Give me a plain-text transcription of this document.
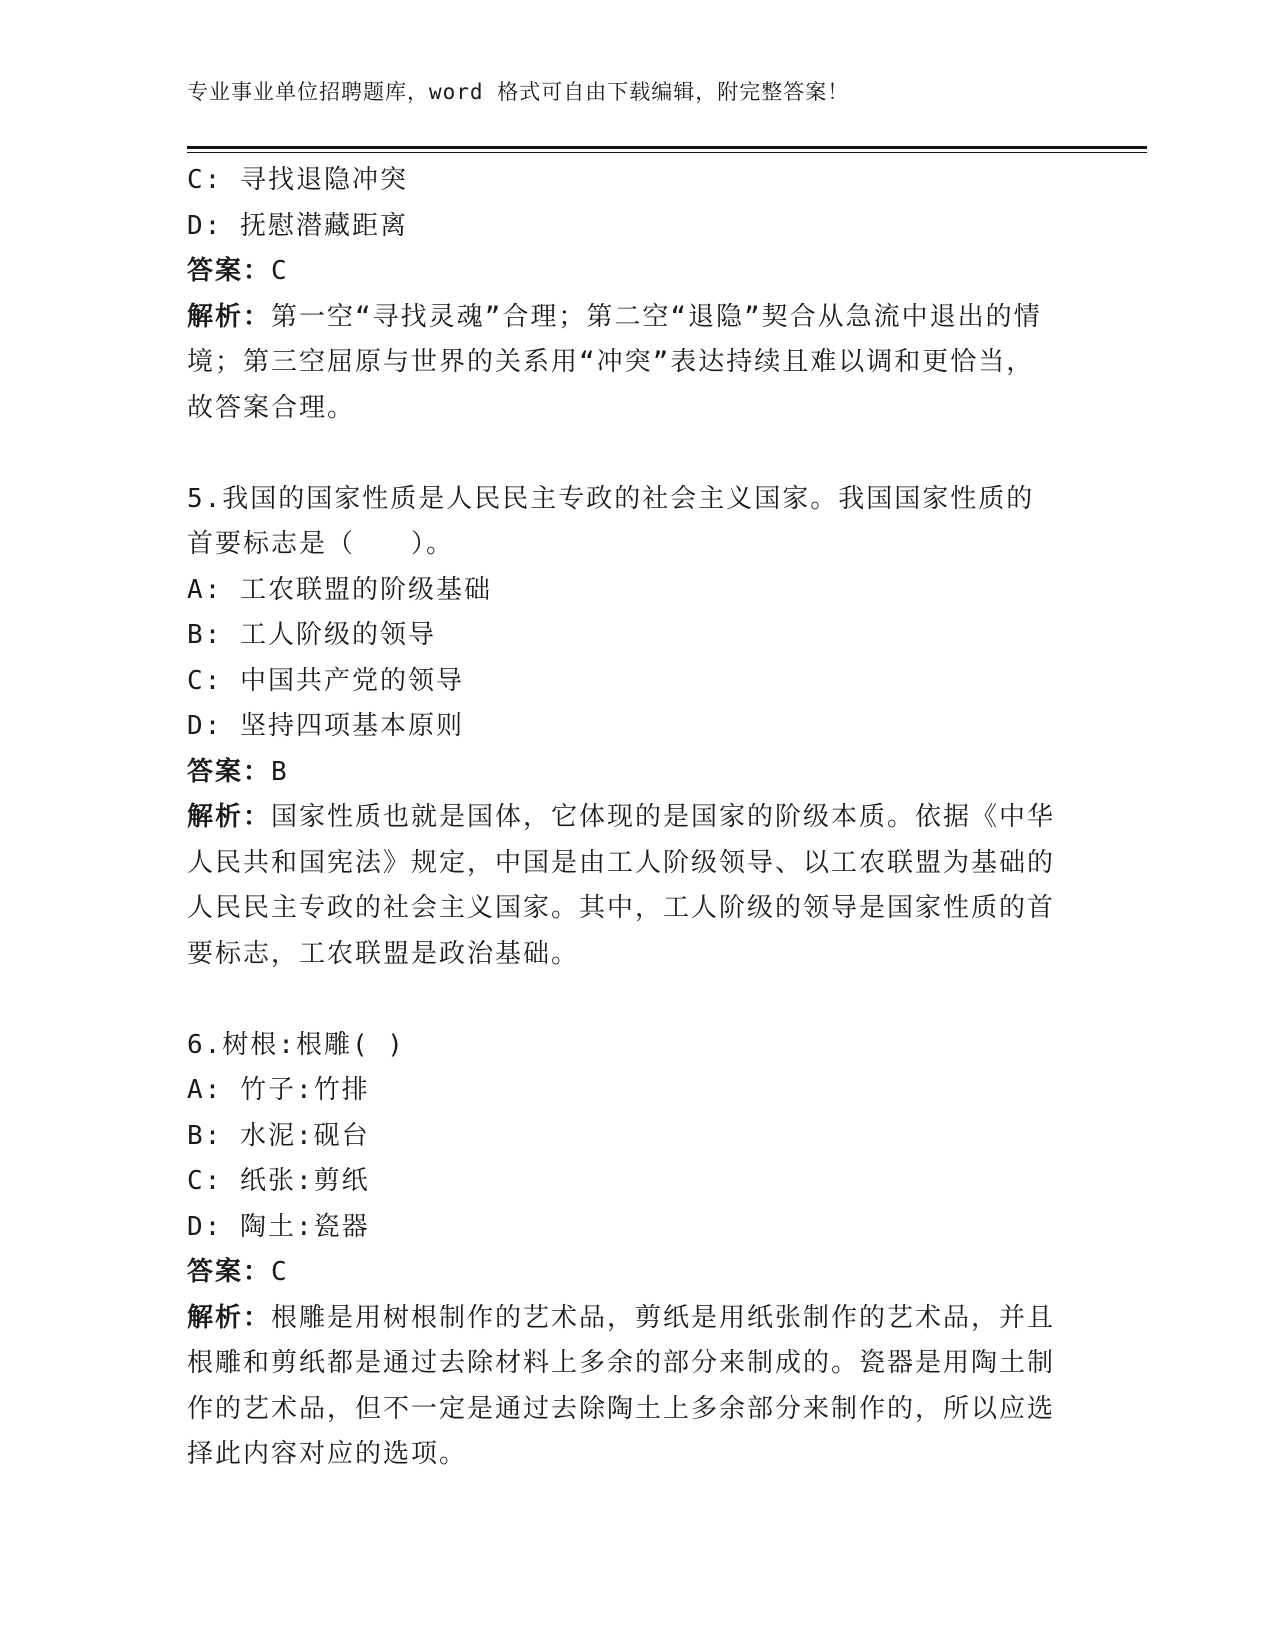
专业事业单位招聘题库，word 格式可自由下载编辑，附完整答案！
C: 寻找退隐冲突
D: 抚慰潜藏距离
答案：C
解析：第一空“寻找灵魂”合理；第二空“退隐”契合从急流中退出的情境；第三空屈原与世界的关系用“冲突”表达持续且难以调和更恰当，故答案合理。
5.我国的国家性质是人民民主专政的社会主义国家。我国国家性质的首要标志是（　　）。
A: 工农联盟的阶级基础
B: 工人阶级的领导
C: 中国共产党的领导
D: 坚持四项基本原则
答案：B
解析：国家性质也就是国体，它体现的是国家的阶级本质。依据《中华人民共和国宪法》规定，中国是由工人阶级领导、以工农联盟为基础的人民民主专政的社会主义国家。其中，工人阶级的领导是国家性质的首要标志，工农联盟是政治基础。
6.树根:根雕( )
A: 竹子:竹排
B: 水泥:砚台
C: 纸张:剪纸
D: 陶土:瓷器
答案：C
解析：根雕是用树根制作的艺术品，剪纸是用纸张制作的艺术品，并且根雕和剪纸都是通过去除材料上多余的部分来制成的。瓷器是用陶土制作的艺术品，但不一定是通过去除陶土上多余部分来制作的，所以应选择此内容对应的选项。
